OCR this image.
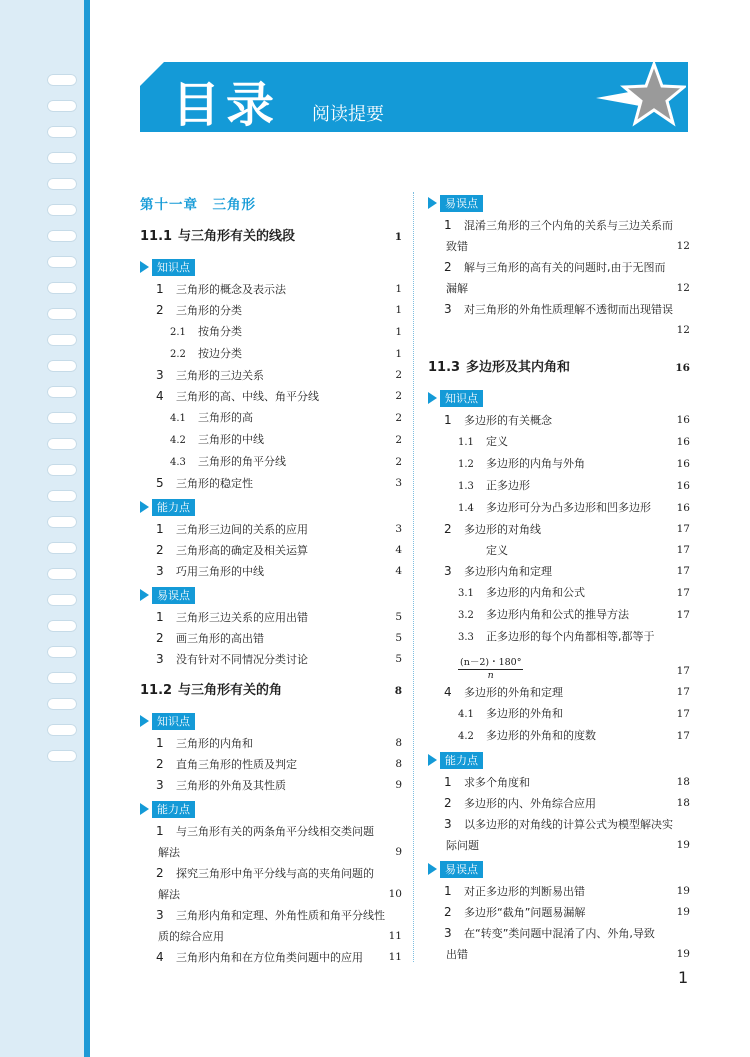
目录 阅读提要
第十一章　三角形
11.1 与三角形有关的线段	1
知识点
1 三角形的概念及表示法	1
2 三角形的分类	1
2.1 按角分类	1
2.2 按边分类	1
3 三角形的三边关系	2
4 三角形的高、中线、角平分线	2
4.1 三角形的高	2
4.2 三角形的中线	2
4.3 三角形的角平分线	2
5 三角形的稳定性	3
能力点
1 三角形三边间的关系的应用	3
2 三角形高的确定及相关运算	4
3 巧用三角形的中线	4
易误点
1 三角形三边关系的应用出错	5
2 画三角形的高出错	5
3 没有针对不同情况分类讨论	5
11.2 与三角形有关的角	8
知识点
1 三角形的内角和	8
2 直角三角形的性质及判定	8
3 三角形的外角及其性质	9
能力点
1 与三角形有关的两条角平分线相交类问题
解法	9
2 探究三角形中角平分线与高的夹角问题的
解法	10
3 三角形内角和定理、外角性质和角平分线性
质的综合应用	11
4 三角形内角和在方位角类问题中的应用	11
易误点
1 混淆三角形的三个内角的关系与三边关系而
致错	12
2 解与三角形的高有关的问题时,由于无图而
漏解	12
3 对三角形的外角性质理解不透彻而出现错误
12
11.3 多边形及其内角和	16
知识点
1 多边形的有关概念	16
1.1 定义	16
1.2 多边形的内角与外角	16
1.3 正多边形	16
1.4 多边形可分为凸多边形和凹多边形	16
2 多边形的对角线	17
定义	17
3 多边形内角和定理	17
3.1 多边形的内角和公式	17
3.2 多边形内角和公式的推导方法	17
3.3 正多边形的每个内角都相等,都等于
$\frac{(n-2)・180^\circ}{n}$	17
4 多边形的外角和定理	17
4.1 多边形的外角和	17
4.2 多边形的外角和的度数	17
能力点
1 求多个角度和	18
2 多边形的内、外角综合应用	18
3 以多边形的对角线的计算公式为模型解决实
际问题	19
易误点
1 对正多边形的判断易出错	19
2 多边形“截角”问题易漏解	19
3 在“转变”类问题中混淆了内、外角,导致
出错	19
1
